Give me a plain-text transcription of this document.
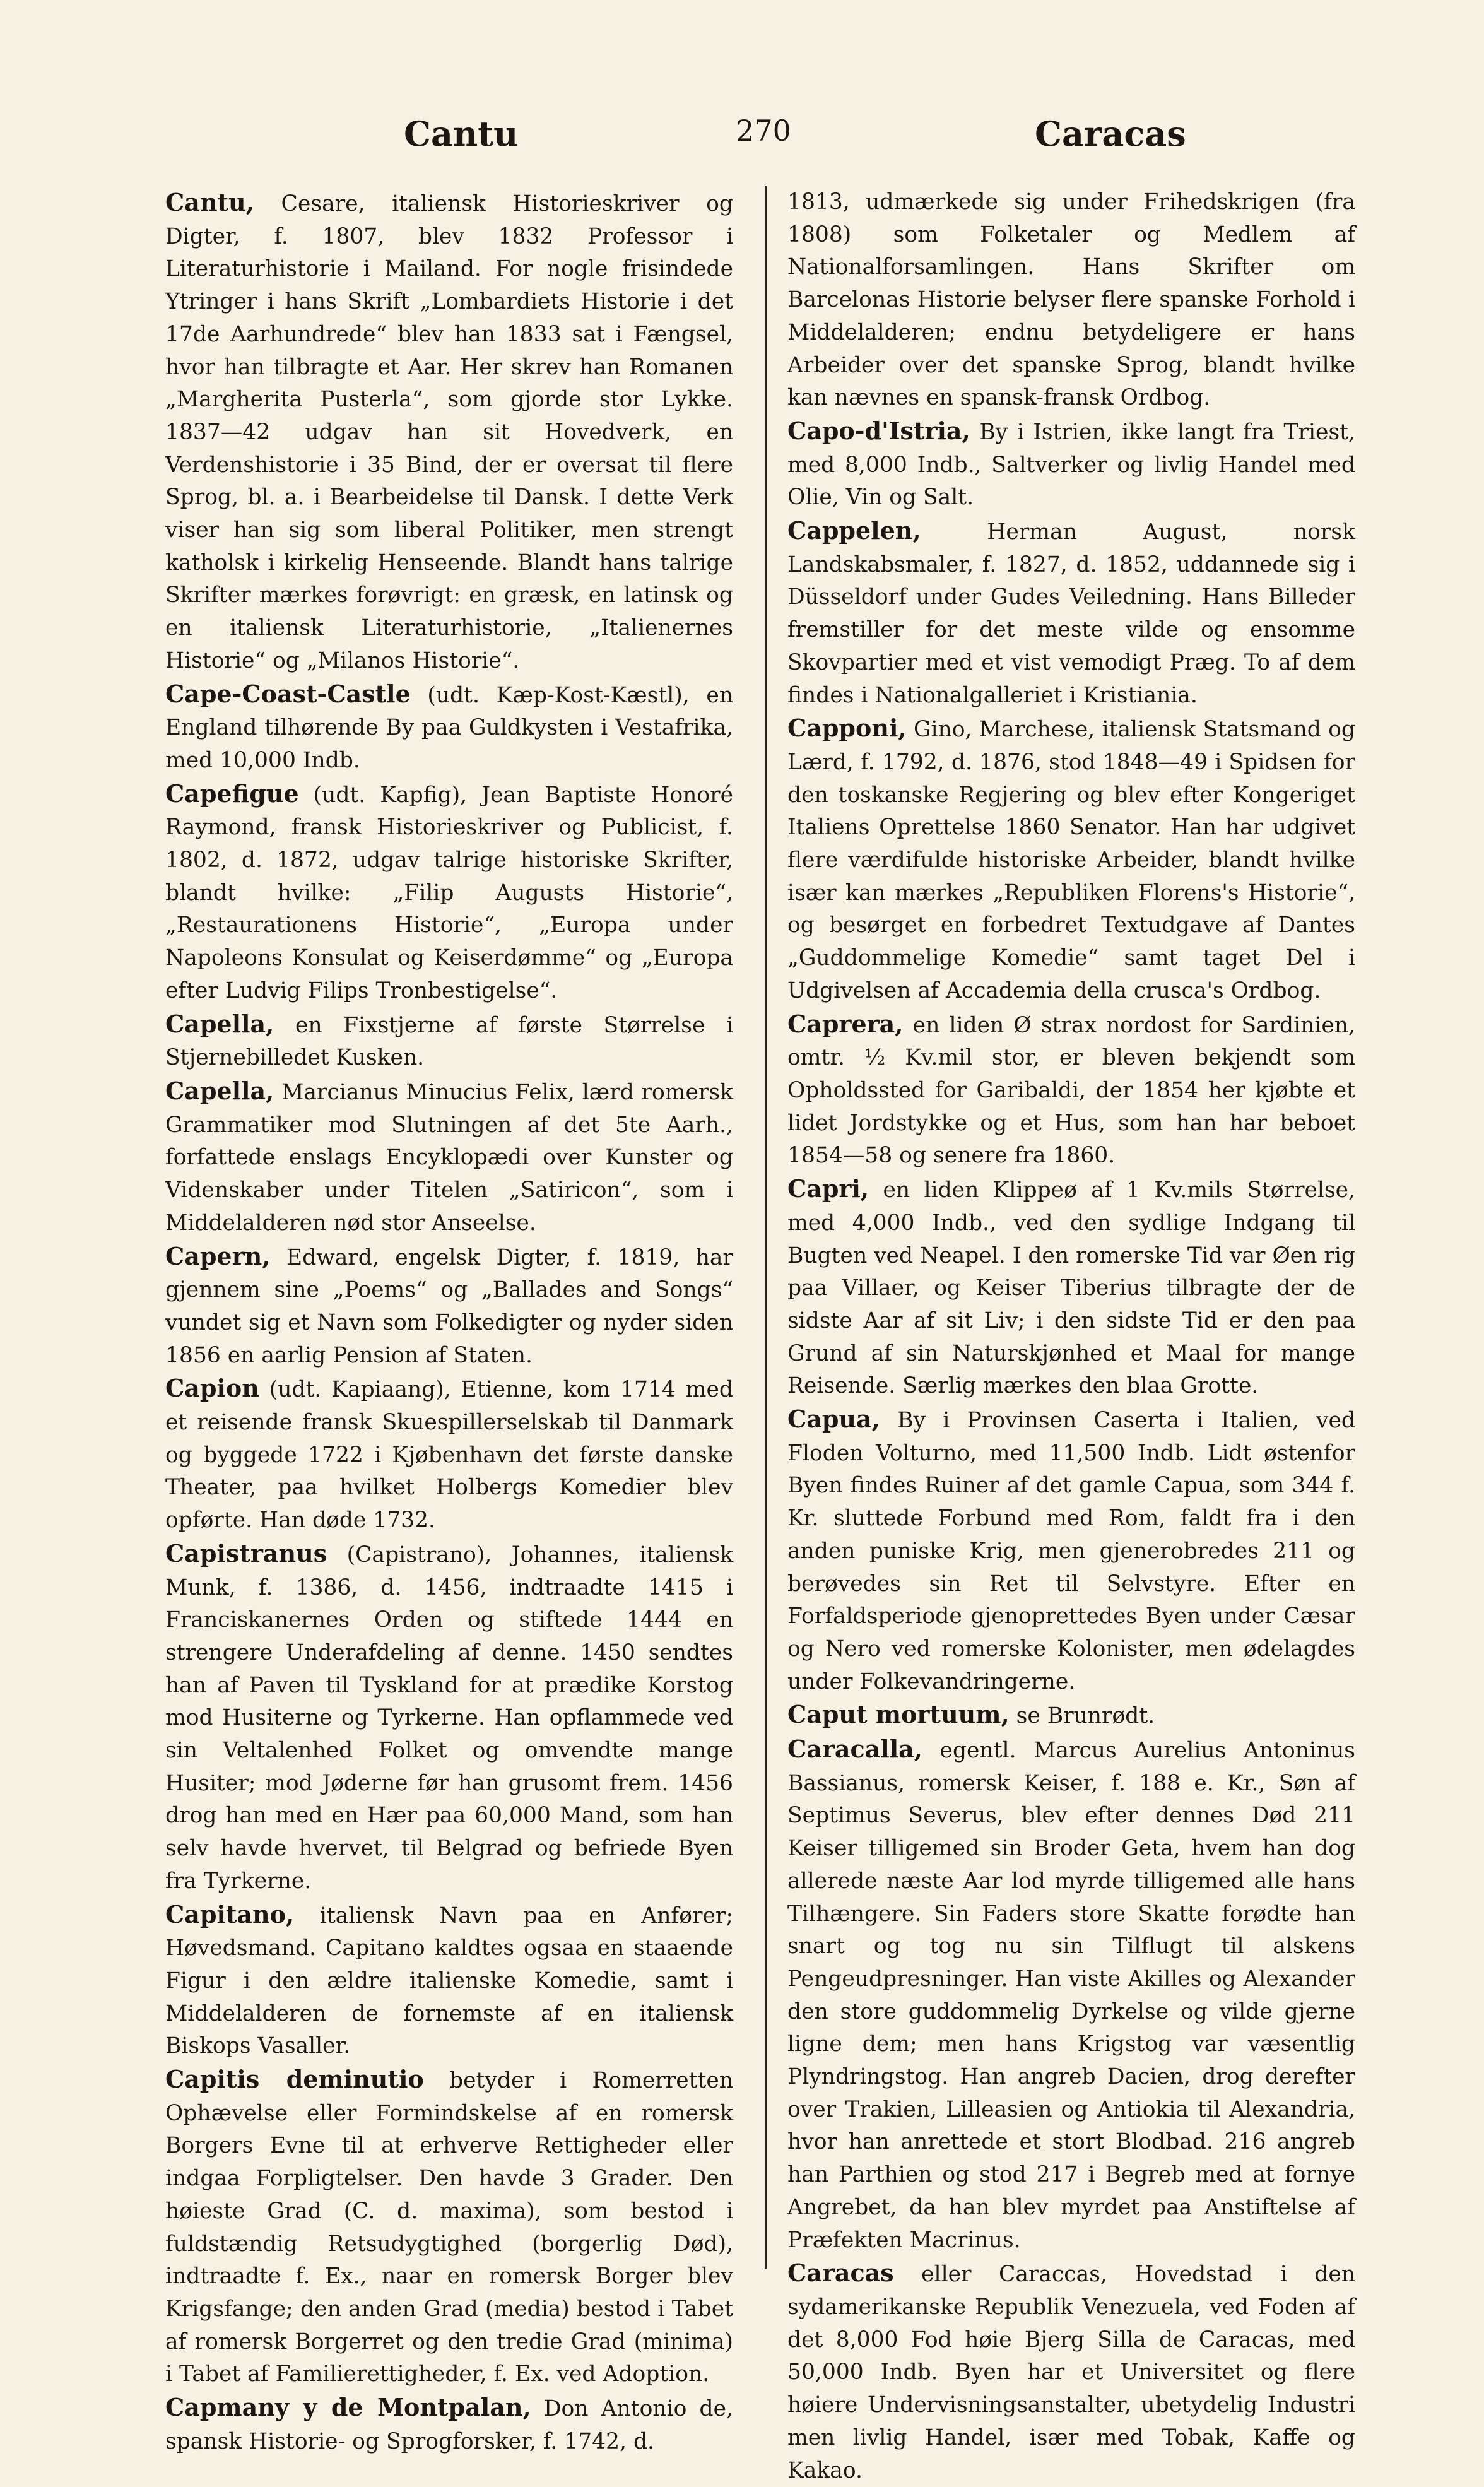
Cantu	270	Caracas

Cantu, Cesare, italiensk Historieskriver og Digter, f. 1807, blev 1832 Professor i Literaturhistorie i Mailand. For nogle frisindede Ytringer i hans Skrift „Lombardiets Historie i det 17de Aarhundrede“ blev han 1833 sat i Fængsel, hvor han tilbragte et Aar. Her skrev han Romanen „Margherita Pusterla“, som gjorde stor Lykke. 1837—42 udgav han sit Hovedverk, en Verdenshistorie i 35 Bind, der er oversat til flere Sprog, bl. a. i Bearbeidelse til Dansk. I dette Verk viser han sig som liberal Politiker, men strengt katholsk i kirkelig Henseende. Blandt hans talrige Skrifter mærkes forøvrigt: en græsk, en latinsk og en italiensk Literaturhistorie, „Italienernes Historie“ og „Milanos Historie“.

Cape-Coast-Castle (udt. Kæp-Kost-Kæstl), en England tilhørende By paa Guldkysten i Vestafrika, med 10,000 Indb.

Capefigue (udt. Kapfig), Jean Baptiste Honoré Raymond, fransk Historieskriver og Publicist, f. 1802, d. 1872, udgav talrige historiske Skrifter, blandt hvilke: „Filip Augusts Historie“, „Restaurationens Historie“, „Europa under Napoleons Konsulat og Keiserdømme“ og „Europa efter Ludvig Filips Tronbestigelse“.

Capella, en Fixstjerne af første Størrelse i Stjernebilledet Kusken.

Capella, Marcianus Minucius Felix, lærd romersk Grammatiker mod Slutningen af det 5te Aarh., forfattede enslags Encyklopædi over Kunster og Videnskaber under Titelen „Satiricon“, som i Middelalderen nød stor Anseelse.

Capern, Edward, engelsk Digter, f. 1819, har gjennem sine „Poems“ og „Ballades and Songs“ vundet sig et Navn som Folkedigter og nyder siden 1856 en aarlig Pension af Staten.

Capion (udt. Kapiaang), Etienne, kom 1714 med et reisende fransk Skuespillerselskab til Danmark og byggede 1722 i Kjøbenhavn det første danske Theater, paa hvilket Holbergs Komedier blev opførte. Han døde 1732.

Capistranus (Capistrano), Johannes, italiensk Munk, f. 1386, d. 1456, indtraadte 1415 i Franciskanernes Orden og stiftede 1444 en strengere Underafdeling af denne. 1450 sendtes han af Paven til Tyskland for at prædike Korstog mod Husiterne og Tyrkerne. Han opflammede ved sin Veltalenhed Folket og omvendte mange Husiter; mod Jøderne før han grusomt frem. 1456 drog han med en Hær paa 60,000 Mand, som han selv havde hvervet, til Belgrad og befriede Byen fra Tyrkerne.

Capitano, italiensk Navn paa en Anfører; Høvedsmand. Capitano kaldtes ogsaa en staaende Figur i den ældre italienske Komedie, samt i Middelalderen de fornemste af en italiensk Biskops Vasaller.

Capitis deminutio betyder i Romerretten Ophævelse eller Formindskelse af en romersk Borgers Evne til at erhverve Rettigheder eller indgaa Forpligtelser. Den havde 3 Grader. Den høieste Grad (C. d. maxima), som bestod i fuldstændig Retsudygtighed (borgerlig Død), indtraadte f. Ex., naar en romersk Borger blev Krigsfange; den anden Grad (media) bestod i Tabet af romersk Borgerret og den tredie Grad (minima) i Tabet af Familierettigheder, f. Ex. ved Adoption.

Capmany y de Montpalan, Don Antonio de, spansk Historie- og Sprogforsker, f. 1742, d.

1813, udmærkede sig under Frihedskrigen (fra 1808) som Folketaler og Medlem af Nationalforsamlingen. Hans Skrifter om Barcelonas Historie belyser flere spanske Forhold i Middelalderen; endnu betydeligere er hans Arbeider over det spanske Sprog, blandt hvilke kan nævnes en spansk-fransk Ordbog.

Capo-d'Istria, By i Istrien, ikke langt fra Triest, med 8,000 Indb., Saltverker og livlig Handel med Olie, Vin og Salt.

Cappelen,	Herman August, norsk Landskabsmaler, f. 1827, d. 1852, uddannede sig i Düsseldorf under Gudes Veiledning. Hans Billeder fremstiller for det meste vilde og ensomme Skovpartier med et vist vemodigt Præg. To af dem findes i Nationalgalleriet i Kristiania.

Capponi, Gino, Marchese, italiensk Statsmand og Lærd, f. 1792, d. 1876, stod 1848—49 i Spidsen for den toskanske Regjering og blev efter Kongeriget Italiens Oprettelse 1860 Senator. Han har udgivet flere værdifulde historiske Arbeider, blandt hvilke især kan mærkes „Republiken Florens's Historie“, og besørget en forbedret Textudgave af Dantes „Guddommelige Komedie“ samt taget Del i Udgivelsen af Accademia della crusca's Ordbog.

Caprera, en liden Ø strax nordost for Sardinien, omtr. ½ Kv.mil stor, er bleven bekjendt som Opholdssted for Garibaldi, der 1854 her kjøbte et lidet Jordstykke og et Hus, som han har beboet 1854—58 og senere fra 1860.

Capri, en liden Klippeø af 1 Kv.mils Størrelse, med 4,000 Indb., ved den sydlige Indgang til Bugten ved Neapel. I den romerske Tid var Øen rig paa Villaer, og Keiser Tiberius tilbragte der de sidste Aar af sit Liv; i den sidste Tid er den paa Grund af sin Naturskjønhed et Maal for mange Reisende. Særlig mærkes den blaa Grotte.

Capua, By i Provinsen Caserta i Italien, ved Floden Volturno, med 11,500 Indb. Lidt østenfor Byen findes Ruiner af det gamle Capua, som 344 f. Kr. sluttede Forbund med Rom, faldt fra i den anden puniske Krig, men gjenerobredes 211 og berøvedes sin Ret til Selvstyre. Efter en Forfaldsperiode gjenoprettedes Byen under Cæsar og Nero ved romerske Kolonister, men ødelagdes under Folkevandringerne.

Caput mortuum, se Brunrødt.

Caracalla, egentl. Marcus Aurelius Antoninus Bassianus, romersk Keiser, f. 188 e. Kr., Søn af Septimus Severus, blev efter dennes Død 211 Keiser tilligemed sin Broder Geta, hvem han dog allerede næste Aar lod myrde tilligemed alle hans Tilhængere. Sin Faders store Skatte forødte han snart og tog nu sin Tilflugt til alskens Pengeudpresninger. Han viste Akilles og Alexander den store guddommelig Dyrkelse og vilde gjerne ligne dem; men hans Krigstog var væsentlig Plyndringstog. Han angreb Dacien, drog derefter over Trakien, Lilleasien og Antiokia til Alexandria, hvor han anrettede et stort Blodbad. 216 angreb han Parthien og stod 217 i Begreb med at fornye Angrebet, da han blev myrdet paa Anstiftelse af Præfekten Macrinus.

Caracas eller Caraccas, Hovedstad i den sydamerikanske Republik Venezuela, ved Foden af det 8,000 Fod høie Bjerg Silla de Caracas, med 50,000 Indb. Byen har et Universitet og flere høiere Undervisningsanstalter, ubetydelig Industri men livlig Handel, især med Tobak, Kaffe og Kakao.
